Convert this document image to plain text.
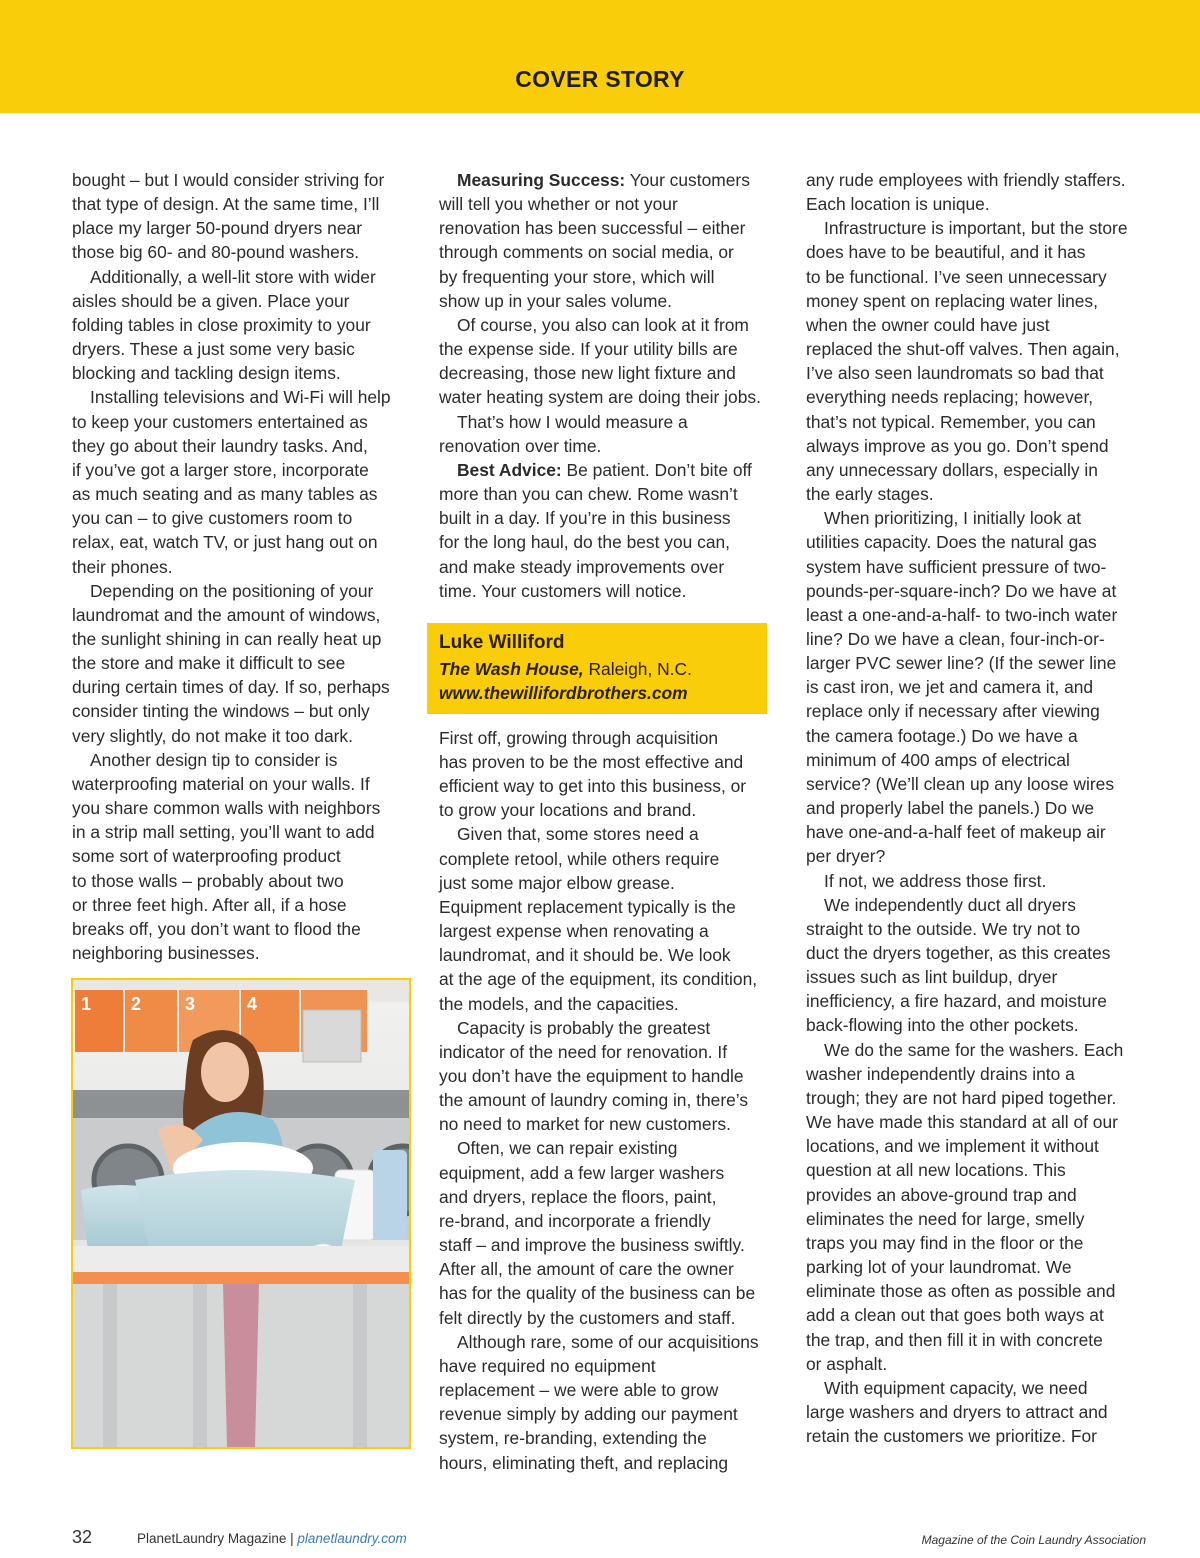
COVER STORY

bought – but I would consider striving for
that type of design. At the same time, I’ll
place my larger 50-pound dryers near
those big 60- and 80-pound washers.

Additionally, a well-lit store with wider
aisles should be a given. Place your
folding tables in close proximity to your
dryers. These a just some very basic
blocking and tackling design items.

Installing televisions and Wi-Fi will help
to keep your customers entertained as
they go about their laundry tasks. And,
if you’ve got a larger store, incorporate
as much seating and as many tables as
you can – to give customers room to
relax, eat, watch TV, or just hang out on
their phones.

Depending on the positioning of your
laundromat and the amount of windows,
the sunlight shining in can really heat up
the store and make it difficult to see
during certain times of day. If so, perhaps
consider tinting the windows – but only
very slightly, do not make it too dark.

Another design tip to consider is
waterproofing material on your walls. If
you share common walls with neighbors
in a strip mall setting, you’ll want to add
some sort of waterproofing product
to those walls – probably about two
or three feet high. After all, if a hose
breaks off, you don’t want to flood the
neighboring businesses.

Measuring Success: Your customers

will tell you whether or not your
renovation has been successful – either
through comments on social media, or
by frequenting your store, which will
show up in your sales volume.

Of course, you also can look at it from
the expense side. If your utility bills are
decreasing, those new light fixture and
water heating system are doing their jobs.

That’s how I would measure a
renovation over time.

Best Advice: Be patient. Don’t bite off

more than you can chew. Rome wasn’t
built in a day. If you’re in this business
for the long haul, do the best you can,
and make steady improvements over
time. Your customers will notice.

Luke Williford
The Wash House, Raleigh, N.C.
www.thewillifordbrothers.com

First off, growing through acquisition
has proven to be the most effective and
efficient way to get into this business, or
to grow your locations and brand.

Given that, some stores need a
complete retool, while others require
just some major elbow grease.
Equipment replacement typically is the
largest expense when renovating a
laundromat, and it should be. We look
at the age of the equipment, its condition,
the models, and the capacities.

Capacity is probably the greatest
indicator of the need for renovation. If
you don’t have the equipment to handle
the amount of laundry coming in, there’s
no need to market for new customers.

Often, we can repair existing
equipment, add a few larger washers
and dryers, replace the floors, paint,
re-brand, and incorporate a friendly
staff – and improve the business swiftly.
After all, the amount of care the owner
has for the quality of the business can be
felt directly by the customers and staff.

Although rare, some of our acquisitions
have required no equipment
replacement – we were able to grow
revenue simply by adding our payment
system, re-branding, extending the
hours, eliminating theft, and replacing

any rude employees with friendly staffers.
Each location is unique.

Infrastructure is important, but the store
does have to be beautiful, and it has
to be functional. I’ve seen unnecessary
money spent on replacing water lines,
when the owner could have just
replaced the shut-off valves. Then again,
I’ve also seen laundromats so bad that
everything needs replacing; however,
that’s not typical. Remember, you can
always improve as you go. Don’t spend
any unnecessary dollars, especially in
the early stages.

When prioritizing, I initially look at
utilities capacity. Does the natural gas
system have sufficient pressure of two-
pounds-per-square-inch? Do we have at
least a one-and-a-half- to two-inch water
line? Do we have a clean, four-inch-or-
larger PVC sewer line? (If the sewer line
is cast iron, we jet and camera it, and
replace only if necessary after viewing
the camera footage.) Do we have a
minimum of 400 amps of electrical
service? (We’ll clean up any loose wires
and properly label the panels.) Do we
have one-and-a-half feet of makeup air
per dryer?

If not, we address those first.

We independently duct all dryers
straight to the outside. We try not to
duct the dryers together, as this creates
issues such as lint buildup, dryer
inefficiency, a fire hazard, and moisture
back-flowing into the other pockets.

We do the same for the washers. Each
washer independently drains into a
trough; they are not hard piped together.
We have made this standard at all of our
locations, and we implement it without
question at all new locations. This
provides an above-ground trap and
eliminates the need for large, smelly
traps you may find in the floor or the
parking lot of your laundromat. We
eliminate those as often as possible and
add a clean out that goes both ways at
the trap, and then fill it in with concrete
or asphalt.

With equipment capacity, we need
large washers and dryers to attract and
retain the customers we prioritize. For

1 2 3	4
32	PlanetLaundry Magazine | planetlaundry.com	Magazine of the Coin Laundry Association
